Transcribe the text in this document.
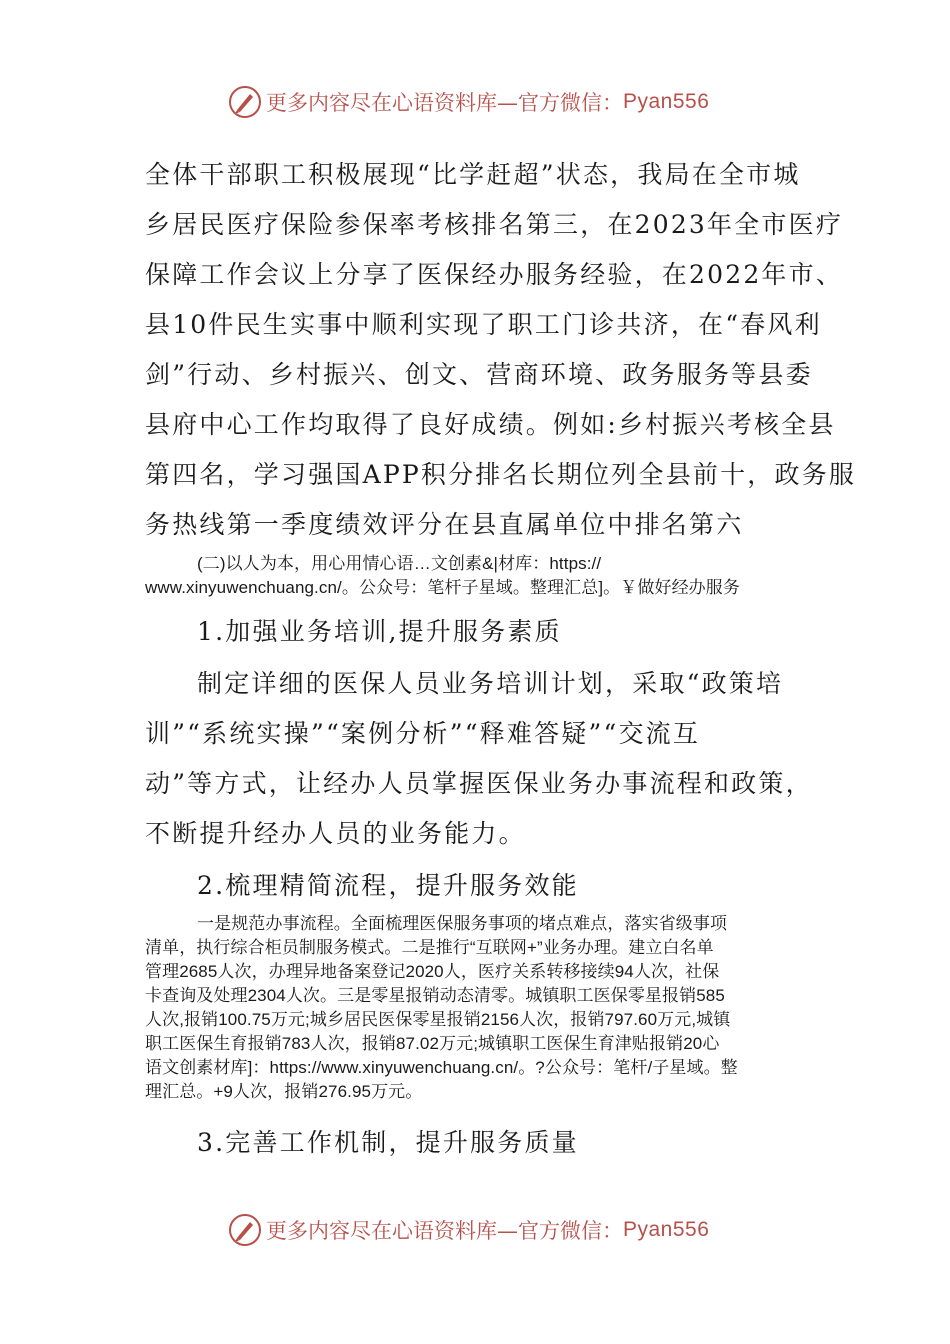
更多内容尽在心语资料库—官方微信： Pyan556
全体干部职工积极展现“比学赶超”状态，我局在全市城
乡居民医疗保险参保率考核排名第三，在2023年全市医疗
保障工作会议上分享了医保经办服务经验，在2022年市、
县10件民生实事中顺利实现了职工门诊共济，在“春风利
剑”行动、乡村振兴、创文、营商环境、政务服务等县委
县府中心工作均取得了良好成绩。例如:乡村振兴考核全县
第四名，学习强国APP积分排名长期位列全县前十，政务服
务热线第一季度绩效评分在县直属单位中排名第六
(二)以人为本，用心用情心语…文创素&|材库：https://
www.xinyuwenchuang.cn/。公众号：笔杆子星域。整理汇总]。￥做好经办服务
1.加强业务培训,提升服务素质
制定详细的医保人员业务培训计划，采取“政策培
训”“系统实操”“案例分析”“释难答疑”“交流互
动”等方式，让经办人员掌握医保业务办事流程和政策，
不断提升经办人员的业务能力。
2.梳理精简流程，提升服务效能
一是规范办事流程。全面梳理医保服务事项的堵点难点，落实省级事项
清单，执行综合柜员制服务模式。二是推行“互联网+”业务办理。建立白名单
管理2685人次，办理异地备案登记2020人，医疗关系转移接续94人次，社保
卡查询及处理2304人次。三是零星报销动态清零。城镇职工医保零星报销585
人次,报销100.75万元;城乡居民医保零星报销2156人次，报销797.60万元,城镇
职工医保生育报销783人次，报销87.02万元;城镇职工医保生育津贴报销20心
语文创素材库]：https://www.xinyuwenchuang.cn/。?公众号：笔杆/子星域。整
理汇总。+9人次，报销276.95万元。
3.完善工作机制，提升服务质量
更多内容尽在心语资料库—官方微信： Pyan556
